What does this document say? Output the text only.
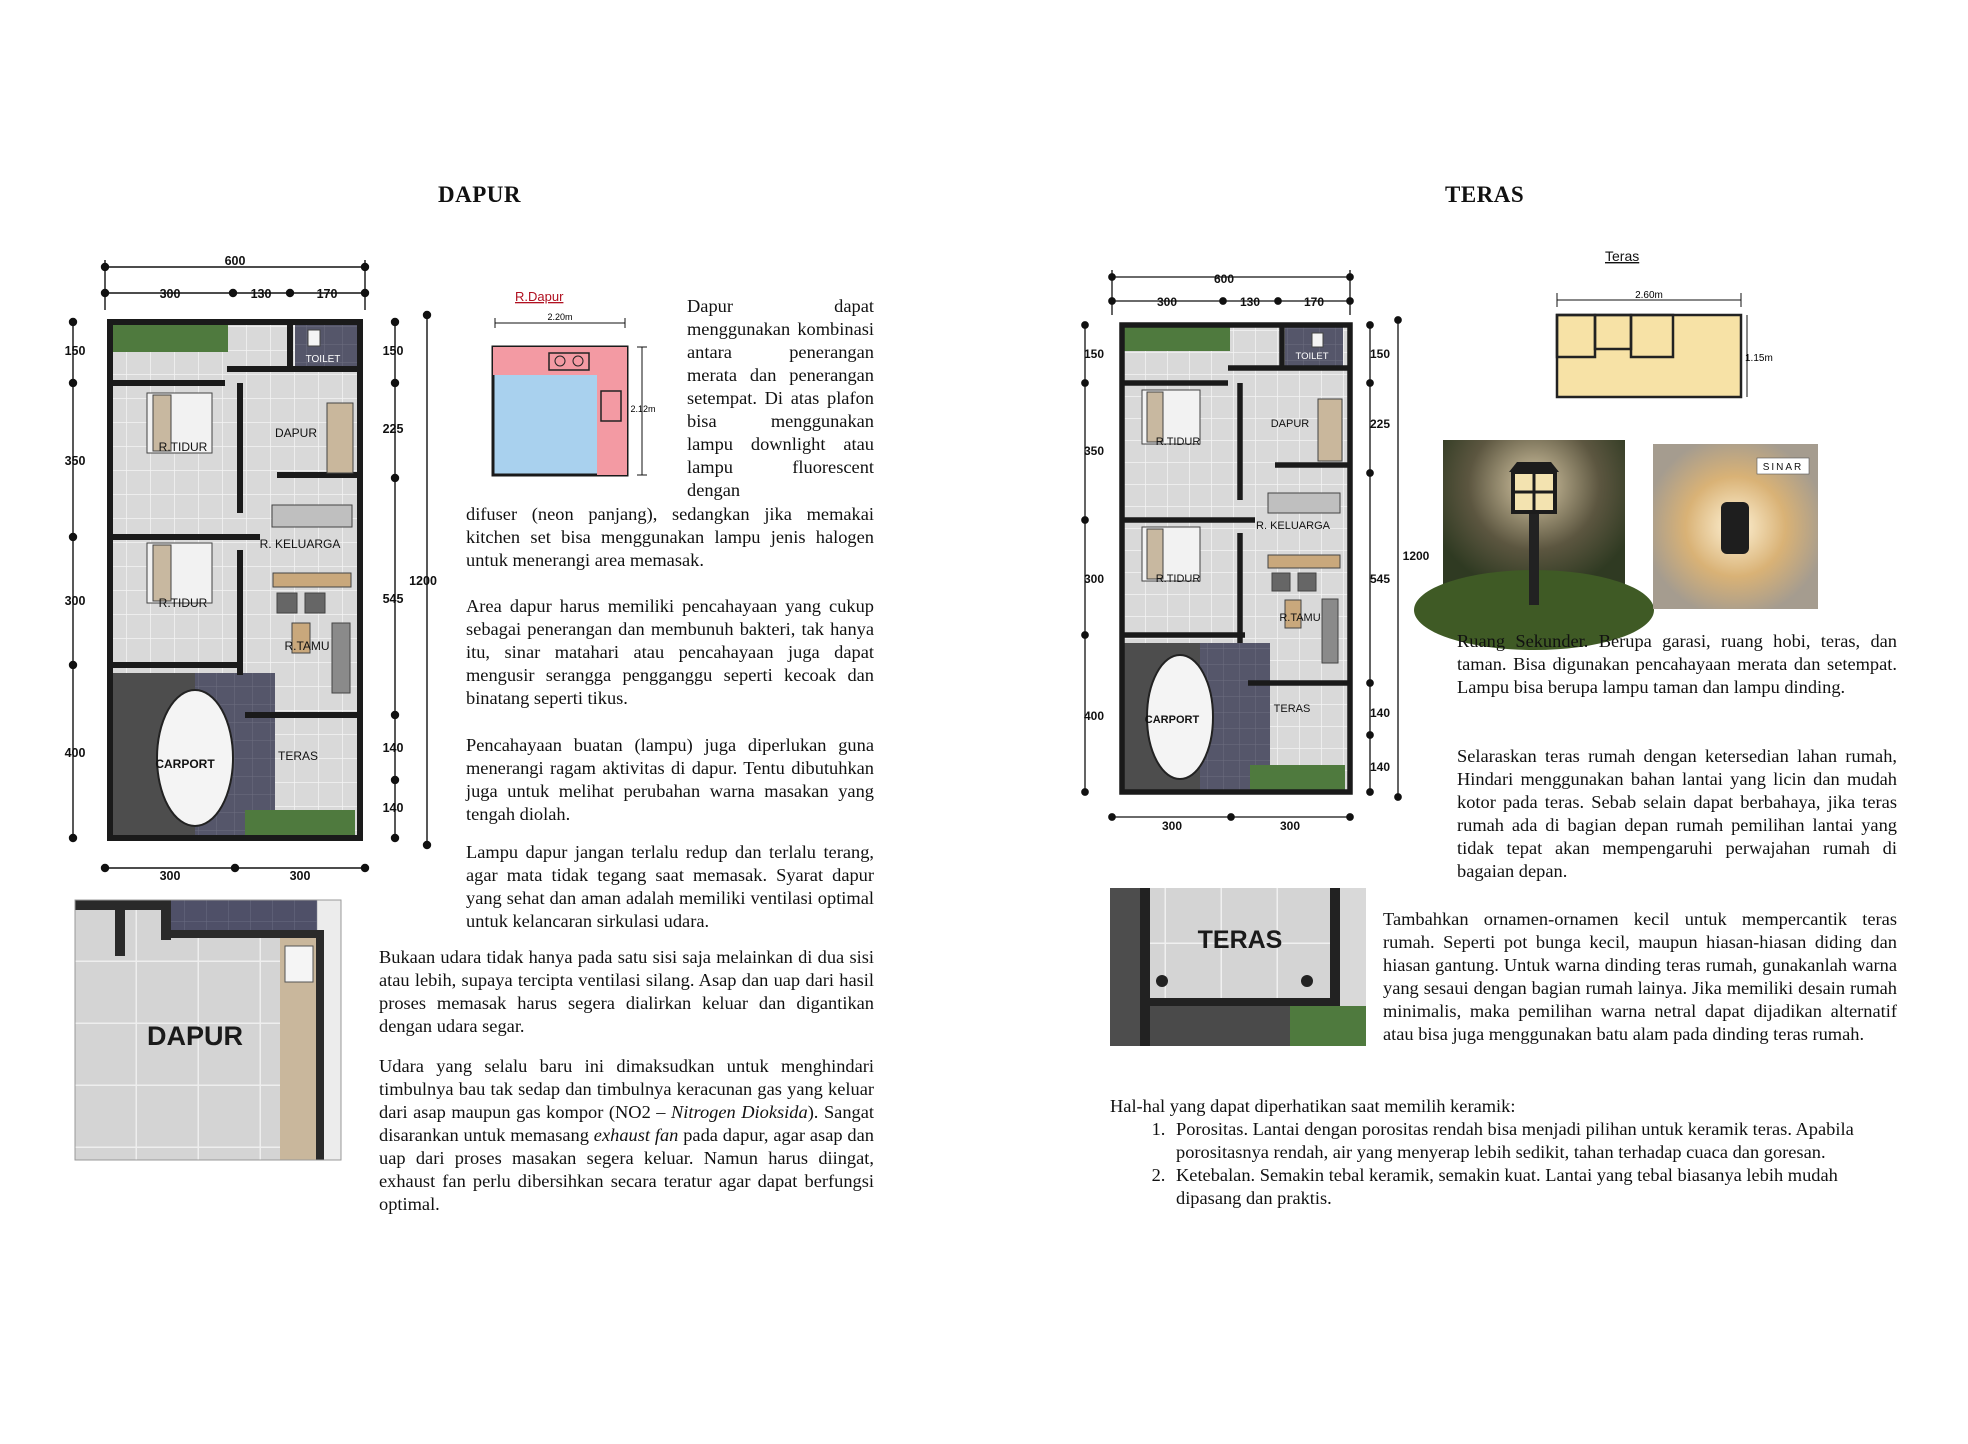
DAPUR
600
300	130	170
150
350
300
400
150
225
545
140
140
1200
300	300
TOILET
DAPUR
R.TIDUR
R. KELUARGA
R.TIDUR
R.TAMU
TERAS
CARPORT
R.Dapur
2.20m
2.12m
DAPUR
Dapur dapat menggunakan kombinasi antara penerangan merata dan penerangan setempat. Di atas plafon bisa menggunakan lampu downlight atau lampu fluorescent dengan
difuser (neon panjang), sedangkan jika memakai kitchen set bisa menggunakan lampu jenis halogen untuk menerangi area memasak.
Area dapur harus memiliki pencahayaan yang cukup sebagai penerangan dan membunuh bakteri, tak hanya itu, sinar matahari atau pencahayaan juga dapat mengusir serangga pengganggu seperti kecoak dan binatang seperti tikus.
Pencahayaan buatan (lampu) juga diperlukan guna menerangi ragam aktivitas di dapur. Tentu dibutuhkan juga untuk melihat perubahan warna masakan yang tengah diolah.
Lampu dapur jangan terlalu redup dan terlalu terang, agar mata tidak tegang saat memasak. Syarat dapur yang sehat dan aman adalah memiliki ventilasi optimal untuk kelancaran sirkulasi udara.
Bukaan udara tidak hanya pada satu sisi saja melainkan di dua sisi atau lebih, supaya tercipta ventilasi silang. Asap dan uap dari hasil proses memasak harus segera dialirkan keluar dan digantikan dengan udara segar.

Udara yang selalu baru ini dimaksudkan untuk menghindari timbulnya bau tak sedap dan timbulnya keracunan gas yang keluar dari asap maupun gas kompor (NO2 – Nitrogen Dioksida). Sangat disarankan untuk memasang exhaust fan pada dapur, agar asap dan uap dari proses masakan segera keluar. Namun harus diingat, exhaust fan perlu dibersihkan secara teratur agar dapat berfungsi optimal.

TERAS
600
300	130	170
150
350
300
400
150
225
545
140
140
1200
300	300
TOILET
DAPUR
R.TIDUR
R. KELUARGA
R.TIDUR
R.TAMU
TERAS
CARPORT
Teras
2.60m
1.15m
SINAR
TERAS
Ruang Sekunder. Berupa garasi, ruang hobi, teras, dan taman. Bisa digunakan pencahayaan merata dan setempat. Lampu bisa berupa lampu taman dan lampu dinding.
Selaraskan teras rumah dengan ketersedian lahan rumah, Hindari menggunakan bahan lantai yang licin dan mudah kotor pada teras. Sebab selain dapat berbahaya, jika teras rumah ada di bagian depan rumah pemilihan lantai yang tidak tepat akan mempengaruhi perwajahan rumah di bagaian depan.
Tambahkan ornamen-ornamen kecil untuk mempercantik teras rumah. Seperti pot bunga kecil, maupun hiasan-hiasan diding dan hiasan gantung. Untuk warna dinding teras rumah, gunakanlah warna yang sesaui dengan bagian rumah lainya. Jika memiliki desain rumah minimalis, maka pemilihan warna netral dapat dijadikan alternatif atau bisa juga menggunakan batu alam pada dinding teras rumah.
Hal-hal yang dapat diperhatikan saat memilih keramik:
1. Porositas. Lantai dengan porositas rendah bisa menjadi pilihan untuk keramik teras. Apabila porositasnya rendah, air yang menyerap lebih sedikit, tahan terhadap cuaca dan goresan.
2. Ketebalan. Semakin tebal keramik, semakin kuat. Lantai yang tebal biasanya lebih mudah dipasang dan praktis.
